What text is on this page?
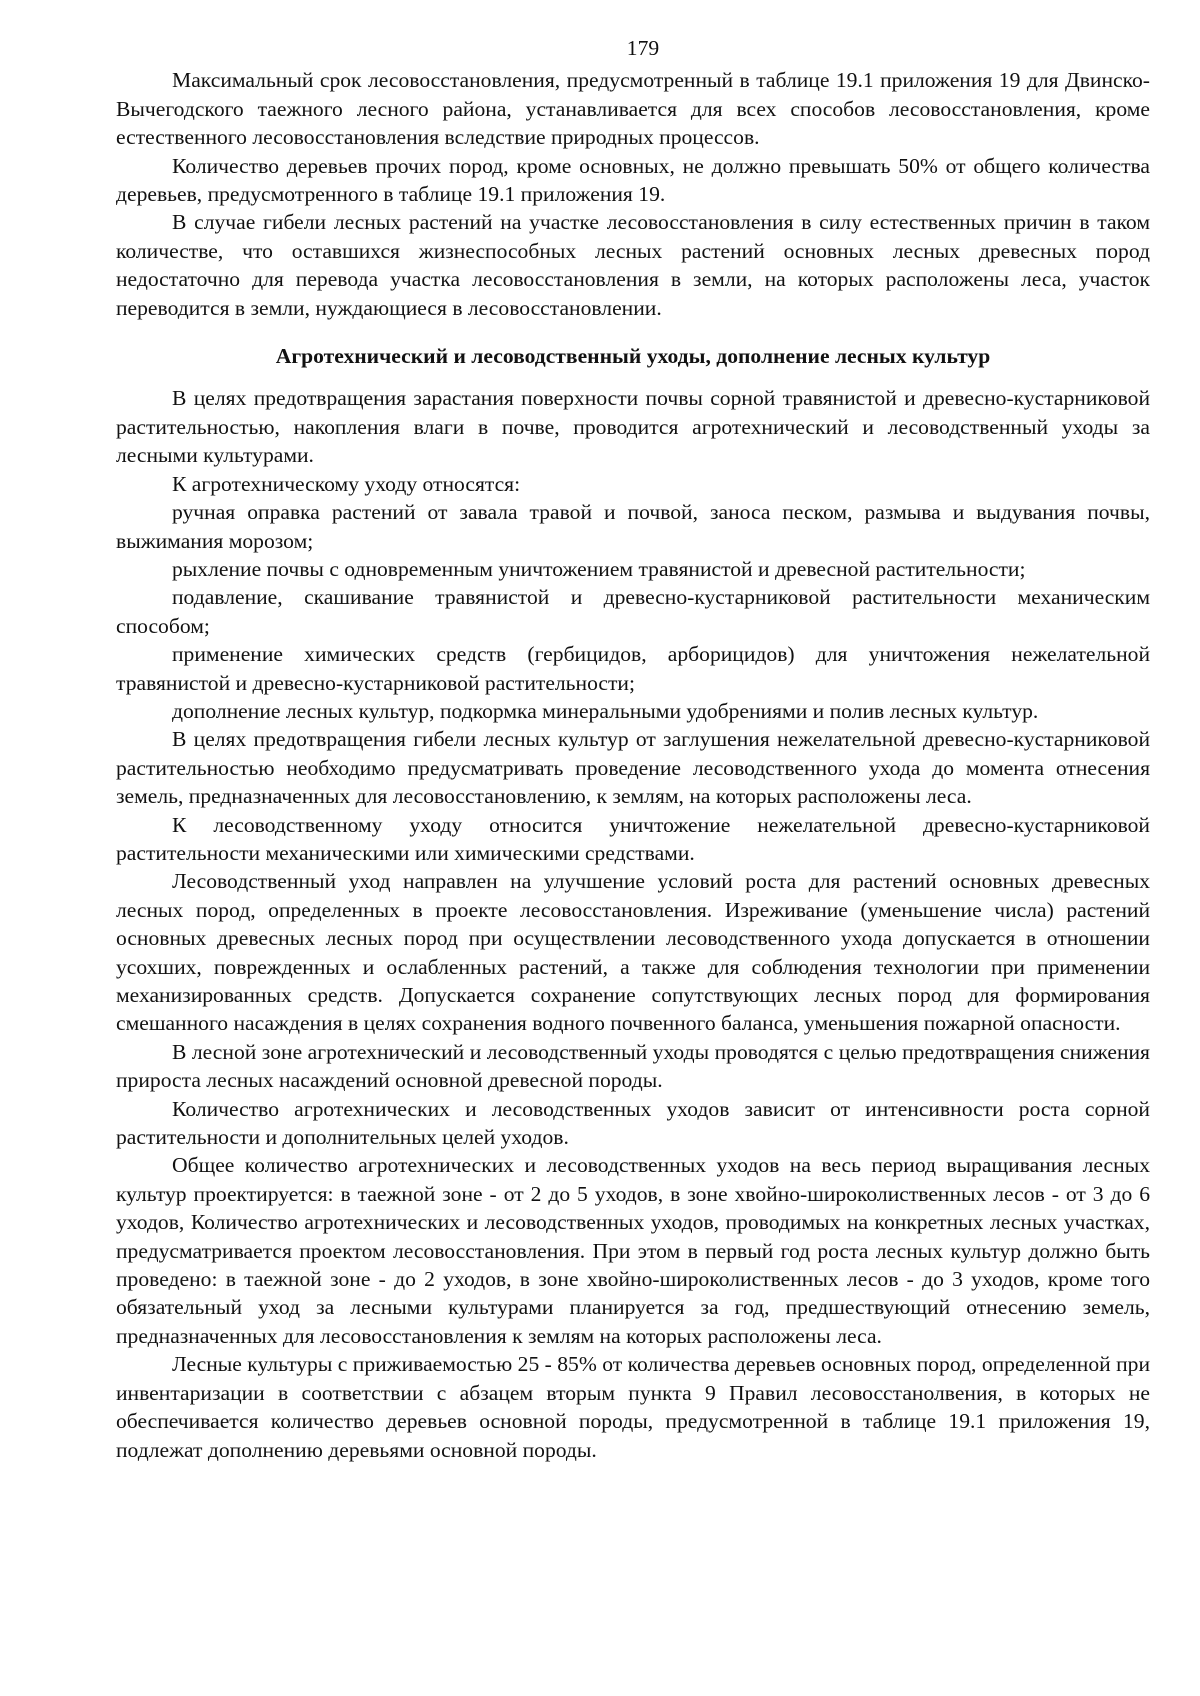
179

Максимальный срок лесовосстановления, предусмотренный в таблице 19.1 приложения 19 для Двинско-Вычегодского таежного лесного района, устанавливается для всех способов лесовосстановления, кроме естественного лесовосстановления вследствие природных процессов.

Количество деревьев прочих пород, кроме основных, не должно превышать 50% от общего количества деревьев, предусмотренного в таблице 19.1 приложения 19.

В случае гибели лесных растений на участке лесовосстановления в силу естественных причин в таком количестве, что оставшихся жизнеспособных лесных растений основных лесных древесных пород недостаточно для перевода участка лесовосстановления в земли, на которых расположены леса, участок переводится в земли, нуждающиеся в лесовосстановлении.

Агротехнический и лесоводственный уходы, дополнение лесных культур

В целях предотвращения зарастания поверхности почвы сорной травянистой и древесно-кустарниковой растительностью, накопления влаги в почве, проводится агротехнический и лесоводственный уходы за лесными культурами.

К агротехническому уходу относятся:

ручная оправка растений от завала травой и почвой, заноса песком, размыва и выдувания почвы, выжимания морозом;

рыхление почвы с одновременным уничтожением травянистой и древесной растительности;

подавление, скашивание травянистой и древесно-кустарниковой растительности механическим способом;

применение химических средств (гербицидов, арборицидов) для уничтожения нежелательной травянистой и древесно-кустарниковой растительности;

дополнение лесных культур, подкормка минеральными удобрениями и полив лесных культур.

В целях предотвращения гибели лесных культур от заглушения нежелательной древесно-кустарниковой растительностью необходимо предусматривать проведение лесоводственного ухода до момента отнесения земель, предназначенных для лесовосстановлению, к землям, на которых расположены леса.

К лесоводственному уходу относится уничтожение нежелательной древесно-кустарниковой растительности механическими или химическими средствами.

Лесоводственный уход направлен на улучшение условий роста для растений основных древесных лесных пород, определенных в проекте лесовосстановления. Изреживание (уменьшение числа) растений основных древесных лесных пород при осуществлении лесоводственного ухода допускается в отношении усохших, поврежденных и ослабленных растений, а также для соблюдения технологии при применении механизированных средств. Допускается сохранение сопутствующих лесных пород для формирования смешанного насаждения в целях сохранения водного почвенного баланса, уменьшения пожарной опасности.

В лесной зоне агротехнический и лесоводственный уходы проводятся с целью предотвращения снижения прироста лесных насаждений основной древесной породы.

Количество агротехнических и лесоводственных уходов зависит от интенсивности роста сорной растительности и дополнительных целей уходов.

Общее количество агротехнических и лесоводственных уходов на весь период выращивания лесных культур проектируется: в таежной зоне - от 2 до 5 уходов, в зоне хвойно-широколиственных лесов - от 3 до 6 уходов, Количество агротехнических и лесоводственных уходов, проводимых на конкретных лесных участках, предусматривается проектом лесовосстановления. При этом в первый год роста лесных культур должно быть проведено: в таежной зоне - до 2 уходов, в зоне хвойно-широколиственных лесов - до 3 уходов, кроме того обязательный уход за лесными культурами планируется за год, предшествующий отнесению земель, предназначенных для лесовосстановления к землям на которых расположены леса.

Лесные культуры с приживаемостью 25 - 85% от количества деревьев основных пород, определенной при инвентаризации в соответствии с абзацем вторым пункта 9 Правил лесовосстанолвения, в которых не обеспечивается количество деревьев основной породы, предусмотренной в таблице 19.1 приложения 19, подлежат дополнению деревьями основной породы.
